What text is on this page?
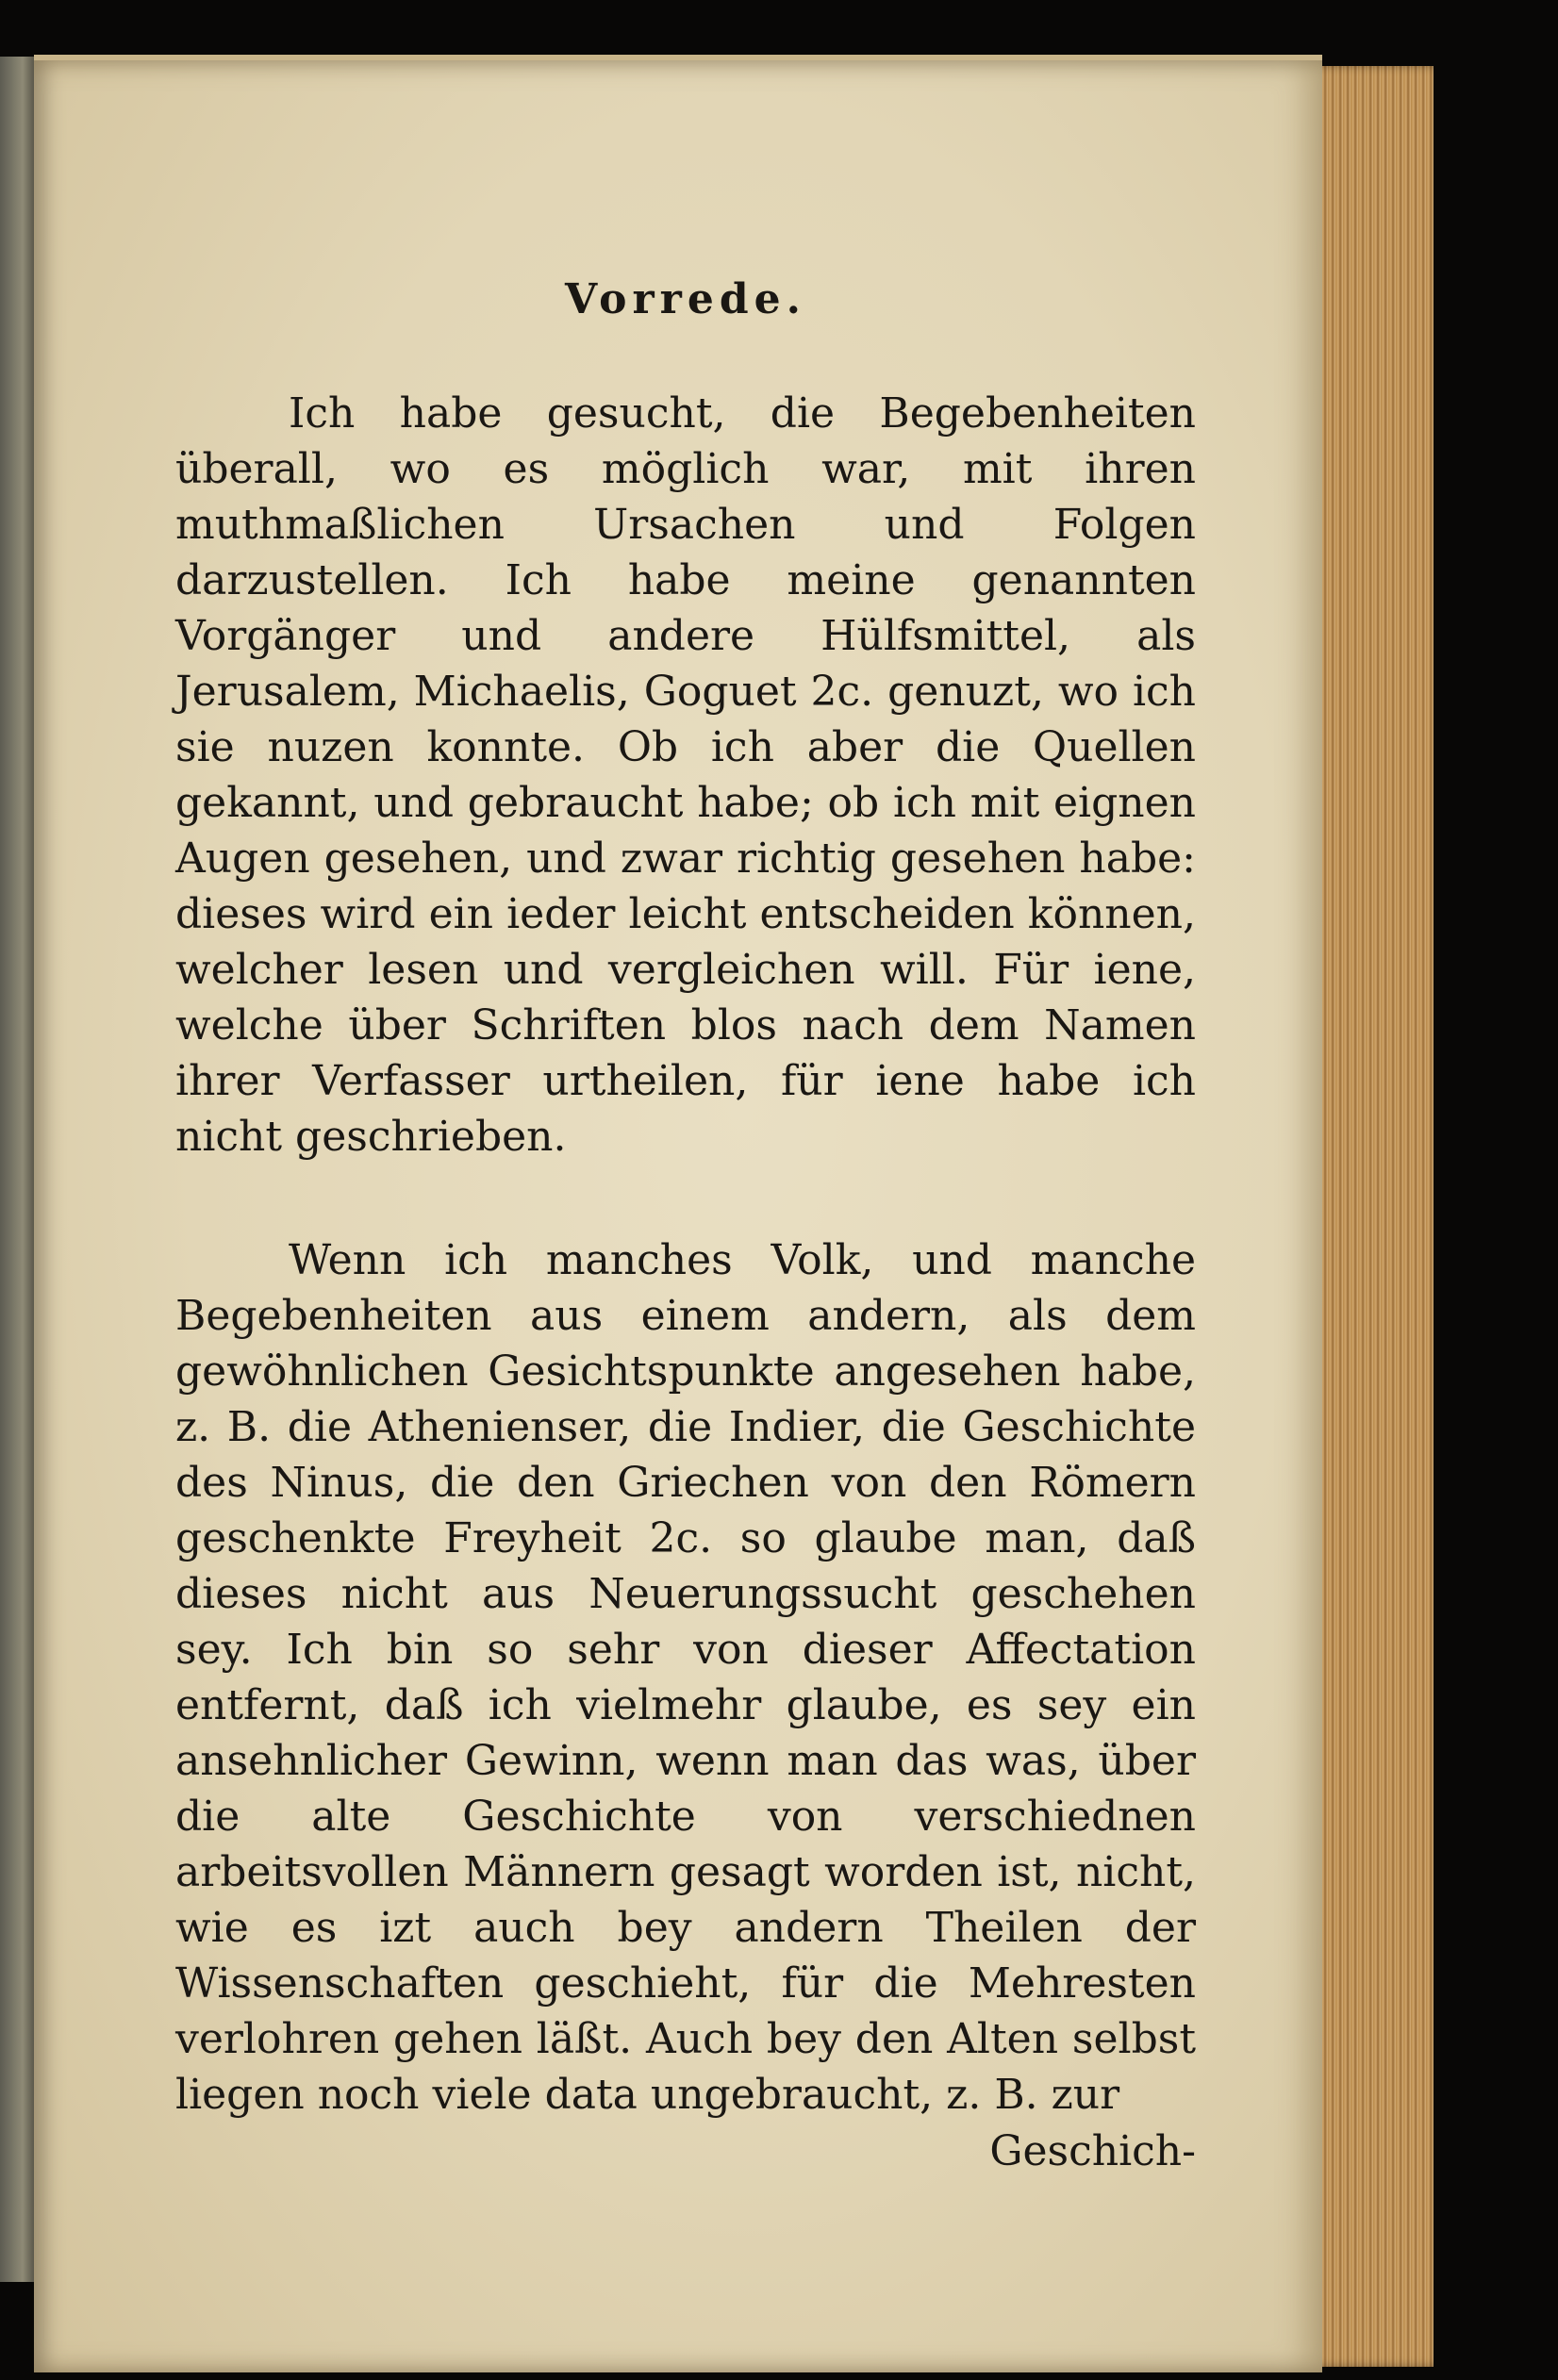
Vorrede.

Ich habe gesucht, die Begebenheiten überall, wo es möglich war, mit ihren muthmaßlichen Ursachen und Folgen darzustellen. Ich habe meine genannten Vorgänger und andere Hülfsmittel, als Jerusalem, Michaelis, Goguet 2c. genuzt, wo ich sie nuzen konnte. Ob ich aber die Quellen gekannt, und gebraucht habe; ob ich mit eignen Augen gesehen, und zwar richtig gesehen habe: dieses wird ein ieder leicht entscheiden können, welcher lesen und vergleichen will. Für iene, welche über Schriften blos nach dem Namen ihrer Verfasser urtheilen, für iene habe ich nicht geschrieben.

Wenn ich manches Volk, und manche Begebenheiten aus einem andern, als dem gewöhnlichen Gesichtspunkte angesehen habe, z. B. die Athenienser, die Indier, die Geschichte des Ninus, die den Griechen von den Römern geschenkte Freyheit 2c. so glaube man, daß dieses nicht aus Neuerungssucht geschehen sey. Ich bin so sehr von dieser Affectation entfernt, daß ich vielmehr glaube, es sey ein ansehnlicher Gewinn, wenn man das was, über die alte Geschichte von verschiednen arbeitsvollen Männern gesagt worden ist, nicht, wie es izt auch bey andern Theilen der Wissenschaften geschieht, für die Mehresten verlohren gehen läßt. Auch bey den Alten selbst liegen noch viele data ungebraucht, z. B. zur

Geschich-
